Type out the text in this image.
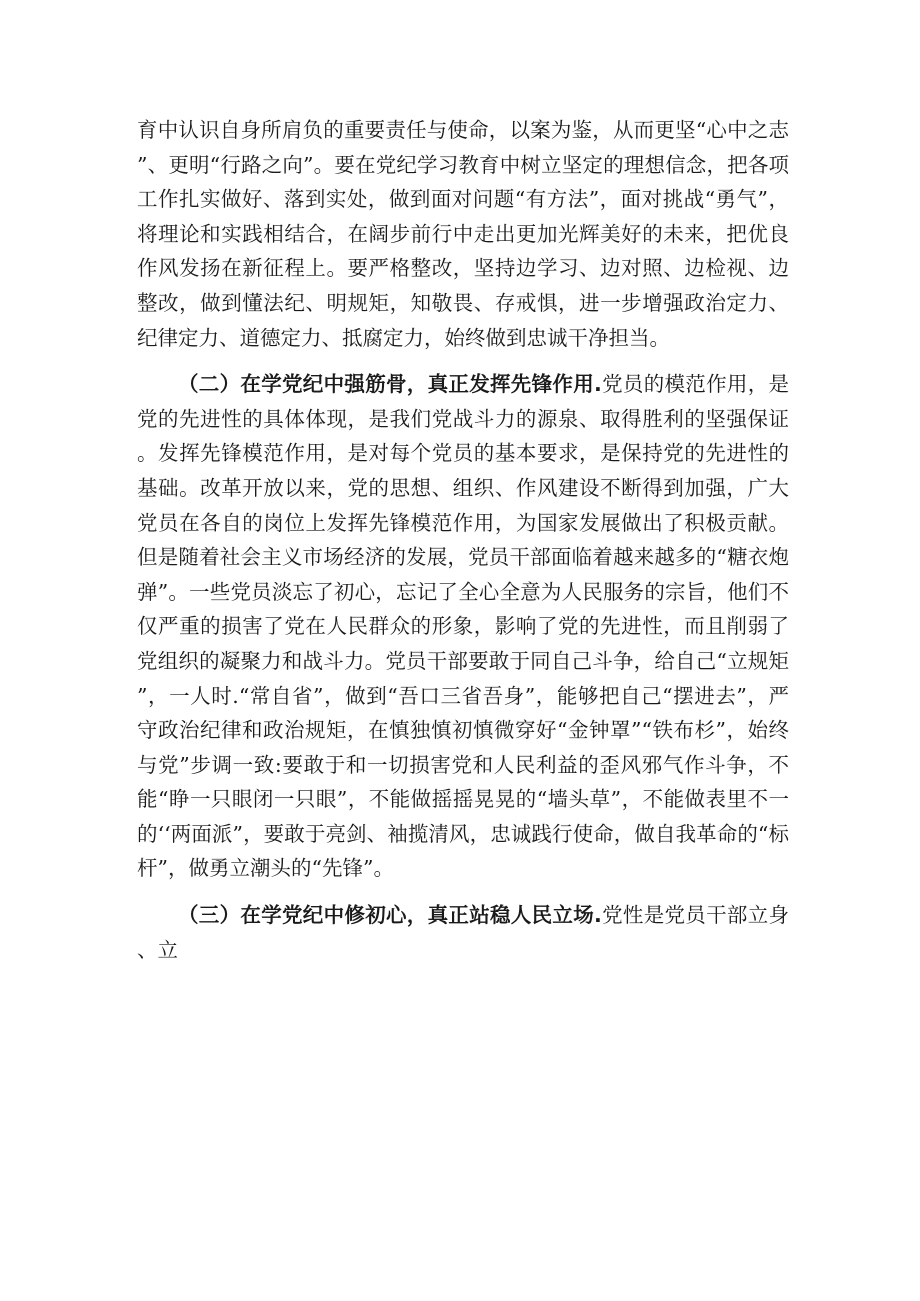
育中认识自身所肩负的重要责任与使命，以案为鉴，从而更坚“心中之志”、更明“行路之向”。要在党纪学习教育中树立坚定的理想信念，把各项工作扎实做好、落到实处，做到面对问题“有方法”，面对挑战“勇气”，将理论和实践相结合，在阔步前行中走出更加光辉美好的未来，把优良作风发扬在新征程上。要严格整改，坚持边学习、边对照、边检视、边整改，做到懂法纪、明规矩，知敬畏、存戒惧，进一步增强政治定力、纪律定力、道德定力、抵腐定力，始终做到忠诚干净担当。

（二）在学党纪中强筋骨，真正发挥先锋作用.党员的模范作用，是党的先进性的具体体现，是我们党战斗力的源泉、取得胜利的坚强保证。发挥先锋模范作用，是对每个党员的基本要求，是保持党的先进性的基础。改革开放以来，党的思想、组织、作风建设不断得到加强，广大党员在各自的岗位上发挥先锋模范作用，为国家发展做出了积极贡献。但是随着社会主义市场经济的发展，党员干部面临着越来越多的“糖衣炮弹”。一些党员淡忘了初心，忘记了全心全意为人民服务的宗旨，他们不仅严重的损害了党在人民群众的形象，影响了党的先进性，而且削弱了党组织的凝聚力和战斗力。党员干部要敢于同自己斗争，给自己“立规矩”，一人时.“常自省”，做到“吾口三省吾身”，能够把自己“摆进去”，严守政治纪律和政治规矩，在慎独慎初慎微穿好“金钟罩”“铁布杉”，始终与党”步调一致:要敢于和一切损害党和人民利益的歪风邪气作斗争，不能“睁一只眼闭一只眼”，不能做摇摇晃晃的“墙头草”，不能做表里不一的‘‘两面派”，要敢于亮剑、袖揽清风，忠诚践行使命，做自我革命的“标杆”，做勇立潮头的“先锋”。

（三）在学党纪中修初心，真正站稳人民立场.党性是党员干部立身、立
